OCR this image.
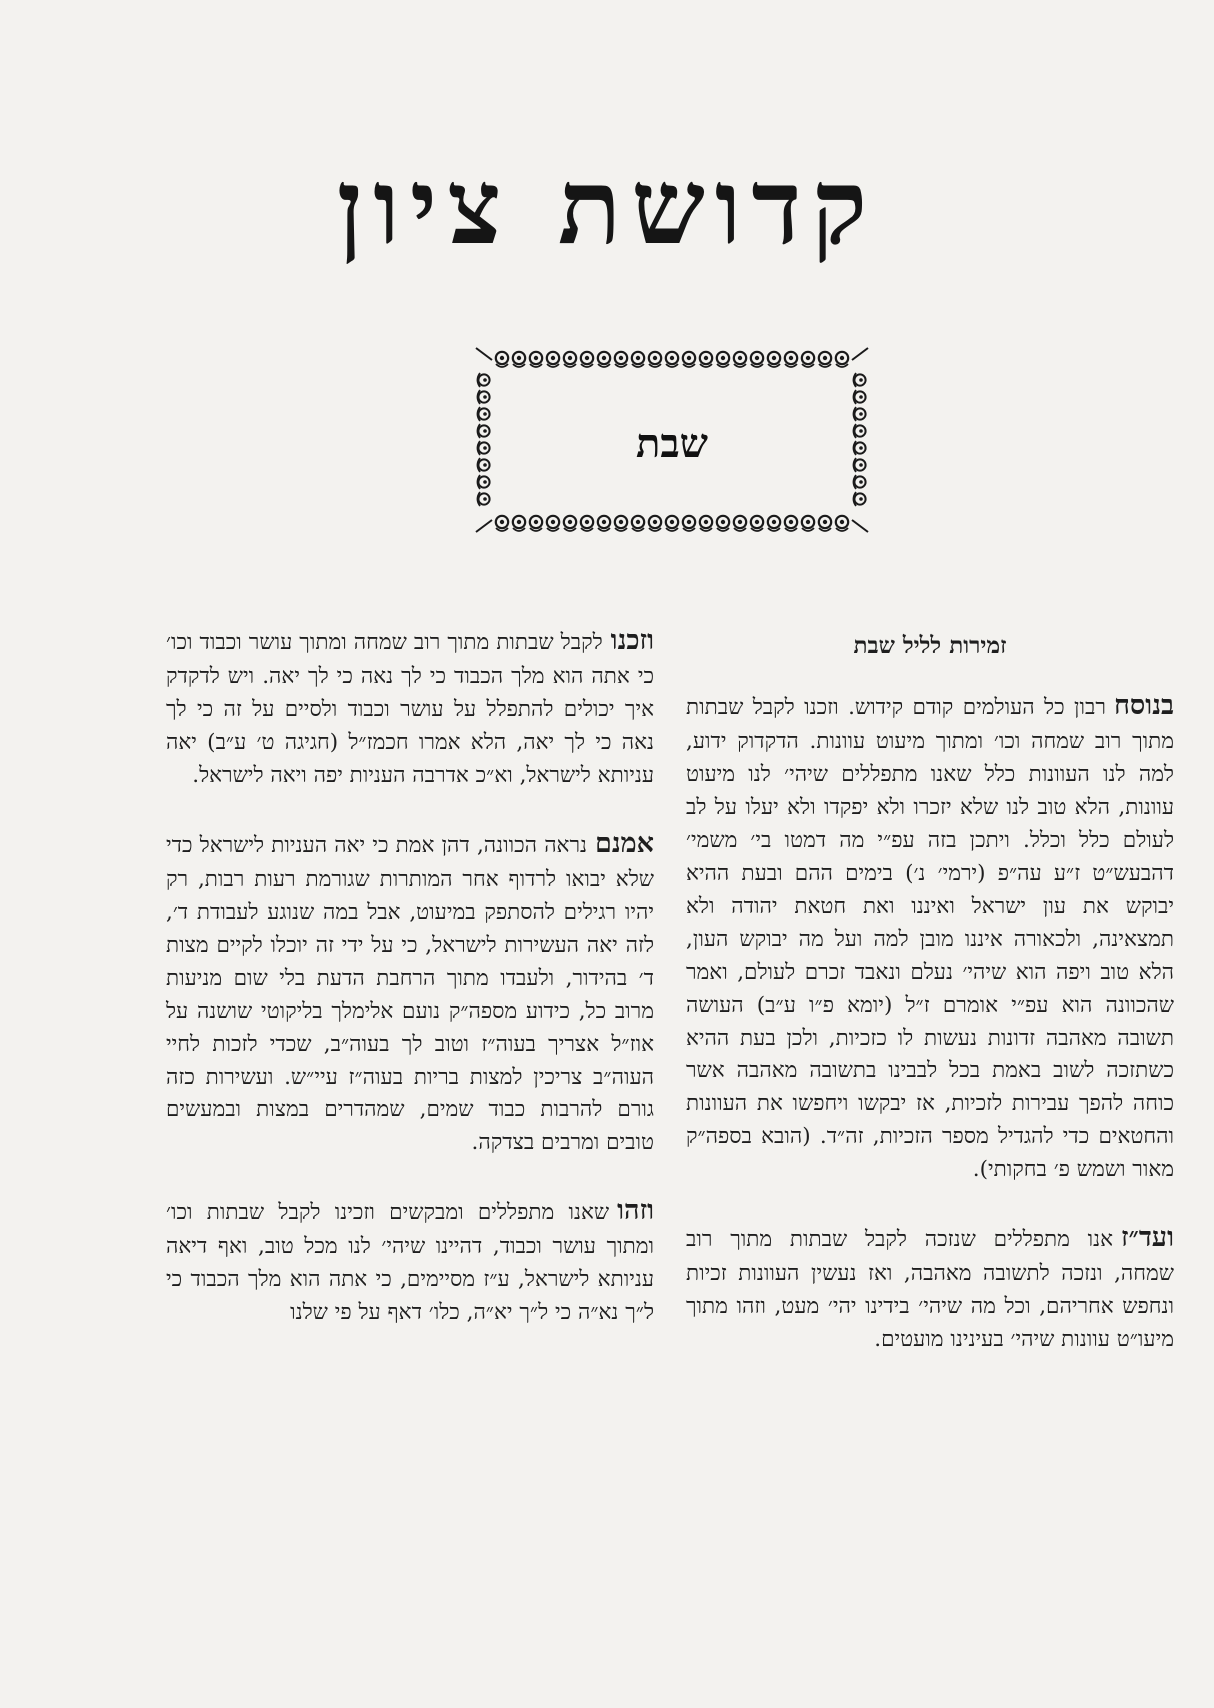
קדושת ציון
שבת
זמירות לליל שבת

בנוסחרבון כל העולמים קודם קידוש. וזכנו לקבל שבתות מתוך רוב שמחה וכו׳ ומתוך מיעוט עוונות. הדקדוק ידוע, למה לנו העוונות כלל שאנו מתפללים שיהי׳ לנו מיעוט עוונות, הלא טוב לנו שלא יזכרו ולא יפקדו ולא יעלו על לב לעולם כלל וכלל. ויתכן בזה עפ״י מה דמטו בי׳ משמי׳ דהבעש״ט ז״ע עה״פ (ירמי׳ נ׳) בימים ההם ובעת ההיא יבוקש את עון ישראל ואיננו ואת חטאת יהודה ולא תמצאינה, ולכאורה איננו מובן למה ועל מה יבוקש העון, הלא טוב ויפה הוא שיהי׳ נעלם ונאבד זכרם לעולם, ואמר שהכוונה הוא עפ״י אומרם ז״ל (יומא פ״ו ע״ב) העושה תשובה מאהבה זדונות נעשות לו כזכיות, ולכן בעת ההיא כשתזכה לשוב באמת בכל לבבינו בתשובה מאהבה אשר כוחה להפך עבירות לזכיות, אז יבקשו ויחפשו את העוונות והחטאים כדי להגדיל מספר הזכיות, זה״ד. (הובא בספה״ק מאור ושמש פ׳ בחקותי).

ועד״זאנו מתפללים שנזכה לקבל שבתות מתוך רוב שמחה, ונזכה לתשובה מאהבה, ואז נעשין העוונות זכיות ונחפש אחריהם, וכל מה שיהי׳ בידינו יהי׳ מעט, וזהו מתוך מיעו״ט עוונות שיהי׳ בעינינו מועטים.

וזכנולקבל שבתות מתוך רוב שמחה ומתוך עושר וכבוד וכו׳ כי אתה הוא מלך הכבוד כי לך נאה כי לך יאה. ויש לדקדק איך יכולים להתפלל על עושר וכבוד ולסיים על זה כי לך נאה כי לך יאה, הלא אמרו חכמז״ל (חגיגה ט׳ ע״ב) יאה עניותא לישראל, וא״כ אדרבה העניות יפה ויאה לישראל.

אמנםנראה הכוונה, דהן אמת כי יאה העניות לישראל כדי שלא יבואו לרדוף אחר המותרות שגורמת רעות רבות, רק יהיו רגילים להסתפק במיעוט, אבל במה שנוגע לעבודת ד׳, לזה יאה העשירות לישראל, כי על ידי זה יוכלו לקיים מצות ד׳ בהידור, ולעבדו מתוך הרחבת הדעת בלי שום מניעות מרוב כל, כידוע מספה״ק נועם אלימלך בליקוטי שושנה על אוז״ל אצריך בעוה״ז וטוב לך בעוה״ב, שכדי לזכות לחיי העוה״ב צריכין למצות בריות בעוה״ז עיי״ש. ועשירות כזה גורם להרבות כבוד שמים, שמהדרים במצות ובמעשים טובים ומרבים בצדקה.

וזהושאנו מתפללים ומבקשים וזכינו לקבל שבתות וכו׳ ומתוך עושר וכבוד, דהיינו שיהי׳ לנו מכל טוב, ואף דיאה עניותא לישראל, ע״ז מסיימים, כי אתה הוא מלך הכבוד כי ל״ך נא״ה כי ל״ך יא״ה, כלו׳ דאף על פי שלנו
